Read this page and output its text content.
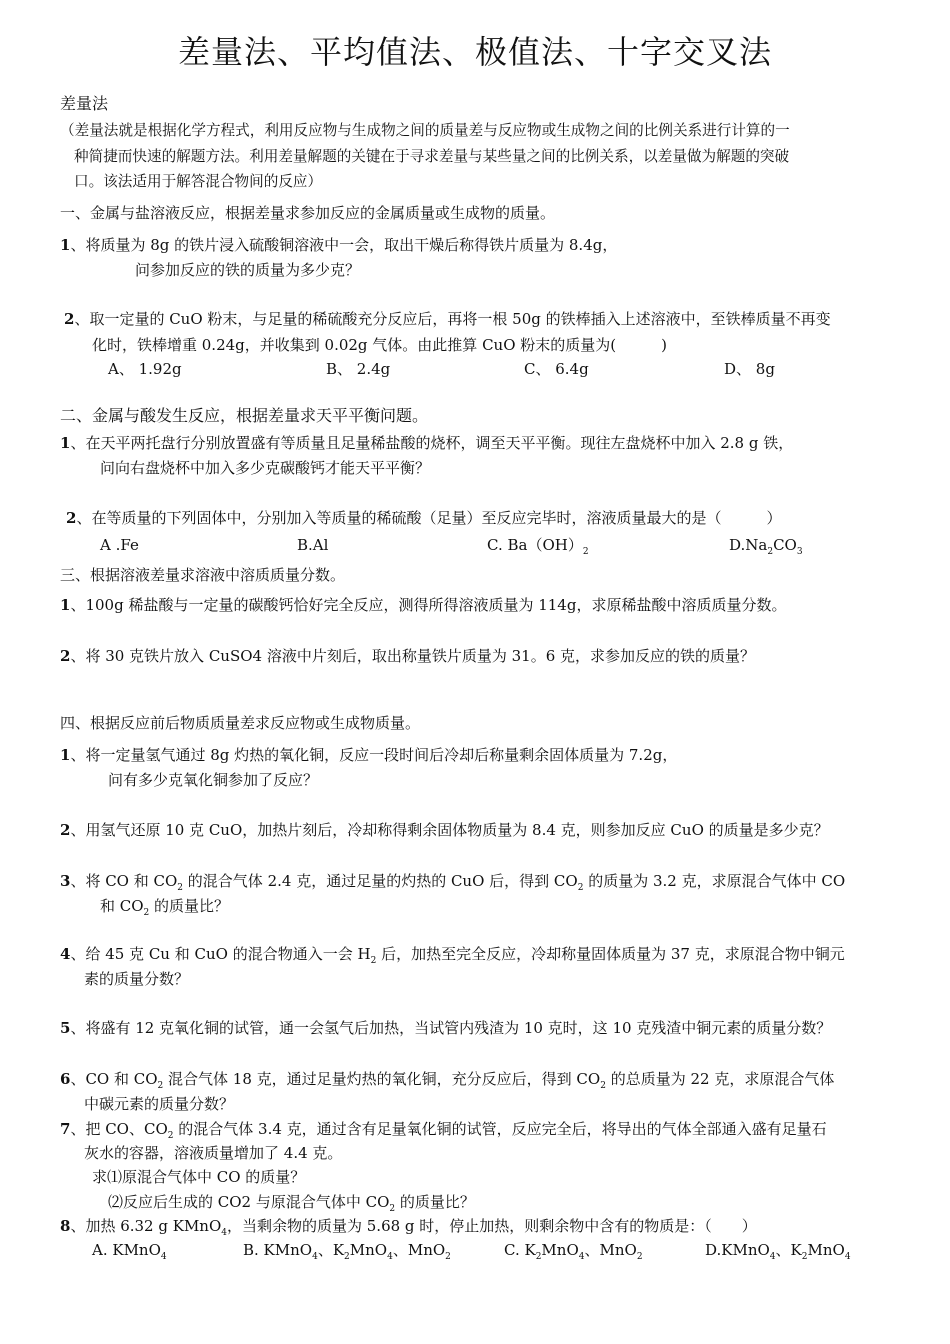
差量法、平均值法、极值法、十字交叉法
差量法
（差量法就是根据化学方程式，利用反应物与生成物之间的质量差与反应物或生成物之间的比例关系进行计算的一
种简捷而快速的解题方法。利用差量解题的关键在于寻求差量与某些量之间的比例关系，以差量做为解题的突破
口。该法适用于解答混合物间的反应）
一、金属与盐溶液反应，根据差量求参加反应的金属质量或生成物的质量。
1、将质量为 8g 的铁片浸入硫酸铜溶液中一会，取出干燥后称得铁片质量为 8.4g，
问参加反应的铁的质量为多少克？
2、取一定量的 CuO 粉末，与足量的稀硫酸充分反应后，再将一根 50g 的铁棒插入上述溶液中，至铁棒质量不再变
化时，铁棒增重 0.24g，并收集到 0.02g 气体。由此推算 CuO 粉末的质量为(　　　)
A、 1.92g	B、 2.4g	C、 6.4g	D、 8g
二、金属与酸发生反应，根据差量求天平平衡问题。
1、在天平两托盘行分别放置盛有等质量且足量稀盐酸的烧杯，调至天平平衡。现往左盘烧杯中加入 2.8 g 铁，
问向右盘烧杯中加入多少克碳酸钙才能天平平衡？
2、在等质量的下列固体中，分别加入等质量的稀硫酸（足量）至反应完毕时，溶液质量最大的是（　　　）
A .Fe	B.Al	C. $Ba(OH)_2$	$D.Na_2CO_3$
三、根据溶液差量求溶液中溶质质量分数。
1、100g 稀盐酸与一定量的碳酸钙恰好完全反应，测得所得溶液质量为 114g，求原稀盐酸中溶质质量分数。
2、将 30 克铁片放入 CuSO4 溶液中片刻后，取出称量铁片质量为 31。6 克，求参加反应的铁的质量？
四、根据反应前后物质质量差求反应物或生成物质量。
1、将一定量氢气通过 8g 灼热的氧化铜，反应一段时间后冷却后称量剩余固体质量为 7.2g，
问有多少克氧化铜参加了反应？
2、用氢气还原 10 克 CuO，加热片刻后，冷却称得剩余固体物质量为 8.4 克，则参加反应 CuO 的质量是多少克？
3、将 CO 和 $CO_2$ 的混合气体 2.4 克，通过足量的灼热的 CuO 后，得到 $CO_2$ 的质量为 3.2 克，求原混合气体中 CO
和 $CO_2$ 的质量比？
4、给 45 克 Cu 和 CuO 的混合物通入一会 $H_2$ 后，加热至完全反应，冷却称量固体质量为 37 克，求原混合物中铜元
素的质量分数？
5、将盛有 12 克氧化铜的试管，通一会氢气后加热，当试管内残渣为 10 克时，这 10 克残渣中铜元素的质量分数？
6、CO 和 $CO_2$ 混合气体 18 克，通过足量灼热的氧化铜，充分反应后，得到 $CO_2$ 的总质量为 22 克，求原混合气体
中碳元素的质量分数？
7、把 CO、$CO_2$ 的混合气体 3.4 克，通过含有足量氧化铜的试管，反应完全后，将导出的气体全部通入盛有足量石
灰水的容器，溶液质量增加了 4.4 克。
求⑴原混合气体中 CO 的质量？
⑵反应后生成的 CO2 与原混合气体中 $CO_2$ 的质量比？
8、加热 6.32 g KMnO$_4$，当剩余物的质量为 5.68 g 时，停止加热，则剩余物中含有的物质是：（　　）
A. KMnO$_4$	B. KMnO$_4$、$K_2MnO_4$、MnO$_2$	C. $K_2MnO_4$、MnO$_2$	D.KMnO$_4$、$K_2MnO_4$
